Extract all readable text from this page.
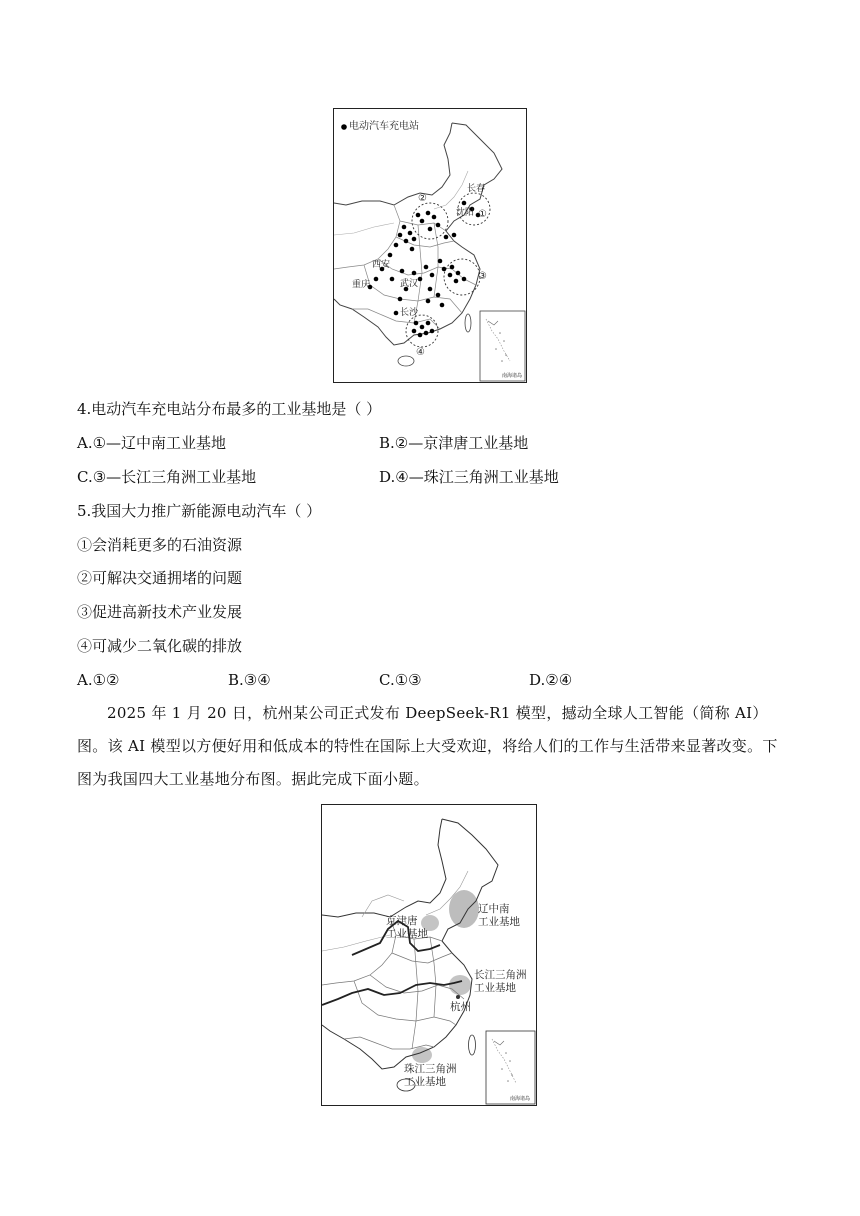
电动汽车充电站
长春
沈阳
西安
重庆	武汉
长沙
①
②
③
④
南海诸岛
4.电动汽车充电站分布最多的工业基地是（ ）
A.①—辽中南工业基地	B.②—京津唐工业基地
C.③—长江三角洲工业基地	D.④—珠江三角洲工业基地
5.我国大力推广新能源电动汽车（ ）
①会消耗更多的石油资源
②可解决交通拥堵的问题
③促进高新技术产业发展
④可减少二氧化碳的排放
A.①②	B.③④	C.①③	D.②④
2025 年 1 月 20 日，杭州某公司正式发布 DeepSeek-R1 模型，撼动全球人工智能（简称 AI）图。该 AI 模型以方便好用和低成本的特性在国际上大受欢迎，将给人们的工作与生活带来显著改变。下图为我国四大工业基地分布图。据此完成下面小题。
京津唐
工业基地
辽中南
工业基地
长江三角洲
工业基地
杭州
珠江三角洲
工业基地
南海诸岛
